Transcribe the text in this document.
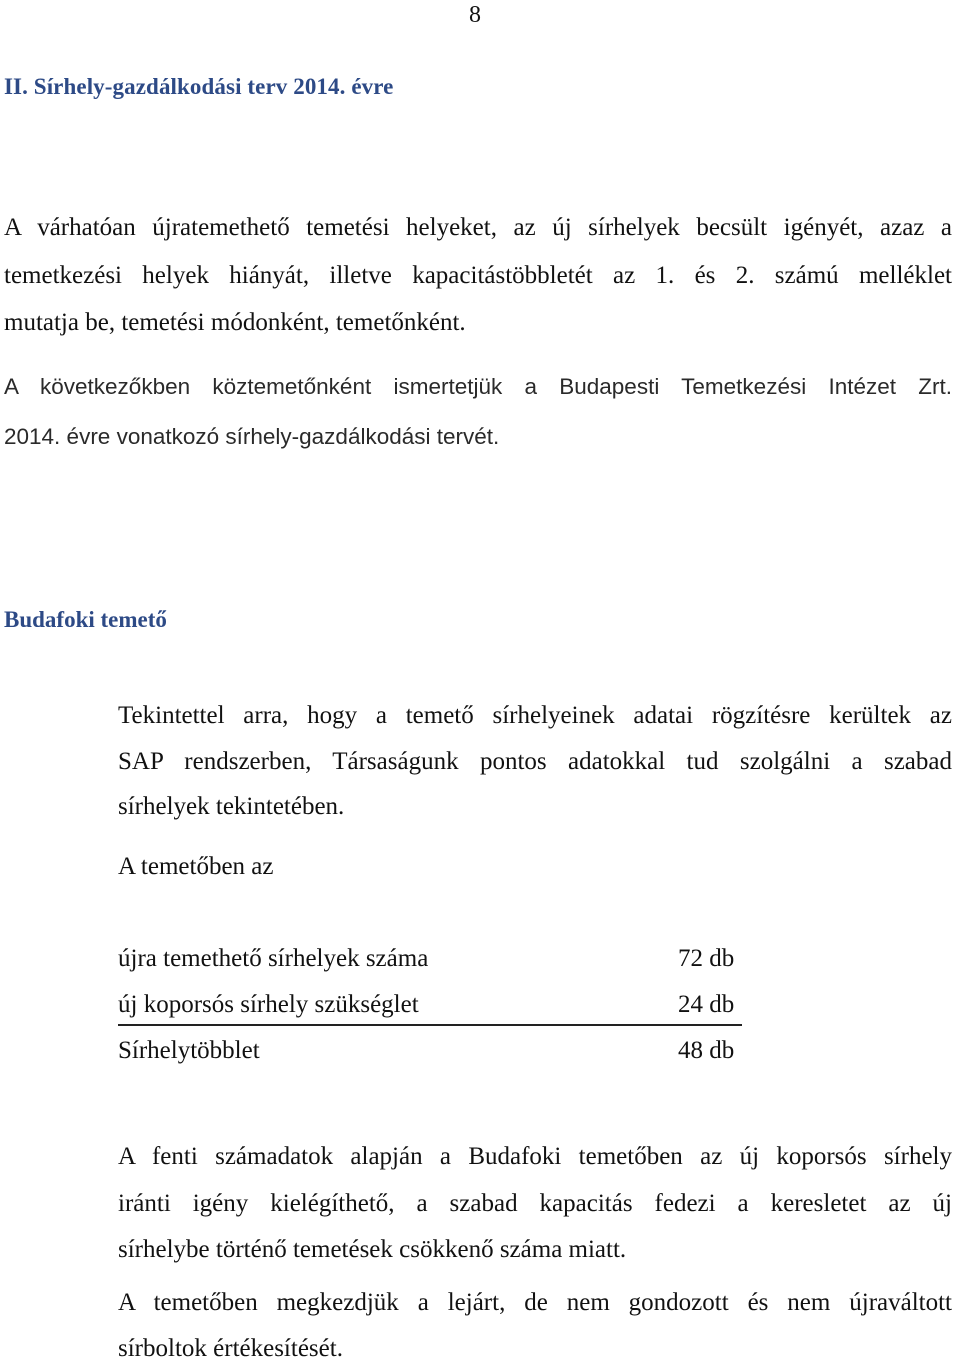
8
II. Sírhely-gazdálkodási terv 2014. évre
A várhatóan újratemethető temetési helyeket, az új sírhelyek becsült igényét, azaz a
temetkezési helyek hiányát, illetve kapacitástöbbletét az 1. és 2. számú melléklet
mutatja be, temetési módonként, temetőnként.
A következőkben köztemetőnként ismertetjük a Budapesti Temetkezési Intézet Zrt.
2014. évre vonatkozó sírhely-gazdálkodási tervét.
Budafoki temető
Tekintettel arra, hogy a temető sírhelyeinek adatai rögzítésre kerültek az
SAP rendszerben, Társaságunk pontos adatokkal tud szolgálni a szabad
sírhelyek tekintetében.
A temetőben az
újra temethető sírhelyek száma	72 db
új koporsós sírhely szükséglet	24 db
Sírhelytöbblet	48 db
A fenti számadatok alapján a Budafoki temetőben az új koporsós sírhely
iránti igény kielégíthető, a szabad kapacitás fedezi a keresletet az új
sírhelybe történő temetések csökkenő száma miatt.
A temetőben megkezdjük a lejárt, de nem gondozott és nem újraváltott
sírboltok értékesítését.
